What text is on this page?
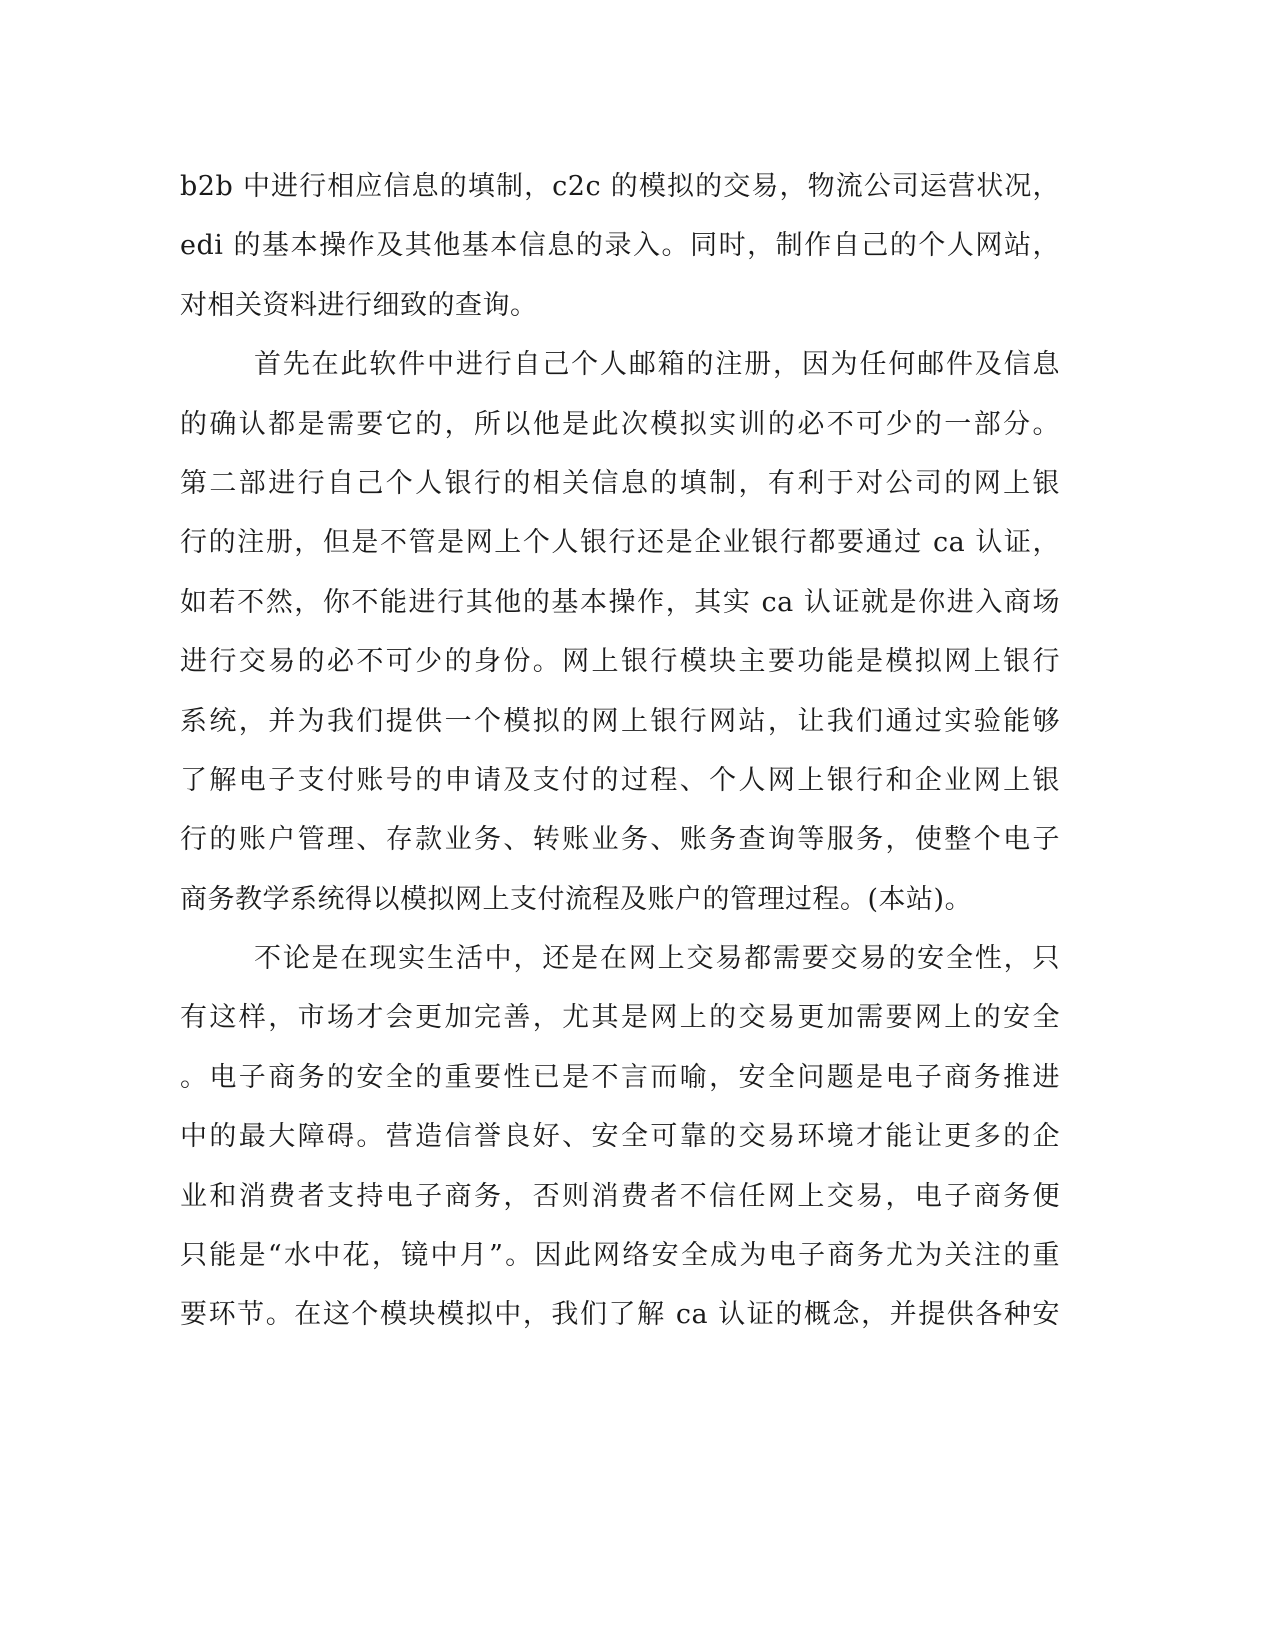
b2b 中进行相应信息的填制，c2c 的模拟的交易，物流公司运营状况，
edi 的基本操作及其他基本信息的录入。同时，制作自己的个人网站，
对相关资料进行细致的查询。
首先在此软件中进行自己个人邮箱的注册，因为任何邮件及信息
的确认都是需要它的，所以他是此次模拟实训的必不可少的一部分。
第二部进行自己个人银行的相关信息的填制，有利于对公司的网上银
行的注册，但是不管是网上个人银行还是企业银行都要通过 ca 认证，
如若不然，你不能进行其他的基本操作，其实 ca 认证就是你进入商场
进行交易的必不可少的身份。网上银行模块主要功能是模拟网上银行
系统，并为我们提供一个模拟的网上银行网站，让我们通过实验能够
了解电子支付账号的申请及支付的过程、个人网上银行和企业网上银
行的账户管理、存款业务、转账业务、账务查询等服务，使整个电子
商务教学系统得以模拟网上支付流程及账户的管理过程。(本站)。
不论是在现实生活中，还是在网上交易都需要交易的安全性，只
有这样，市场才会更加完善，尤其是网上的交易更加需要网上的安全
。电子商务的安全的重要性已是不言而喻，安全问题是电子商务推进
中的最大障碍。营造信誉良好、安全可靠的交易环境才能让更多的企
业和消费者支持电子商务，否则消费者不信任网上交易，电子商务便
只能是“水中花，镜中月”。因此网络安全成为电子商务尤为关注的重
要环节。在这个模块模拟中，我们了解 ca 认证的概念，并提供各种安
